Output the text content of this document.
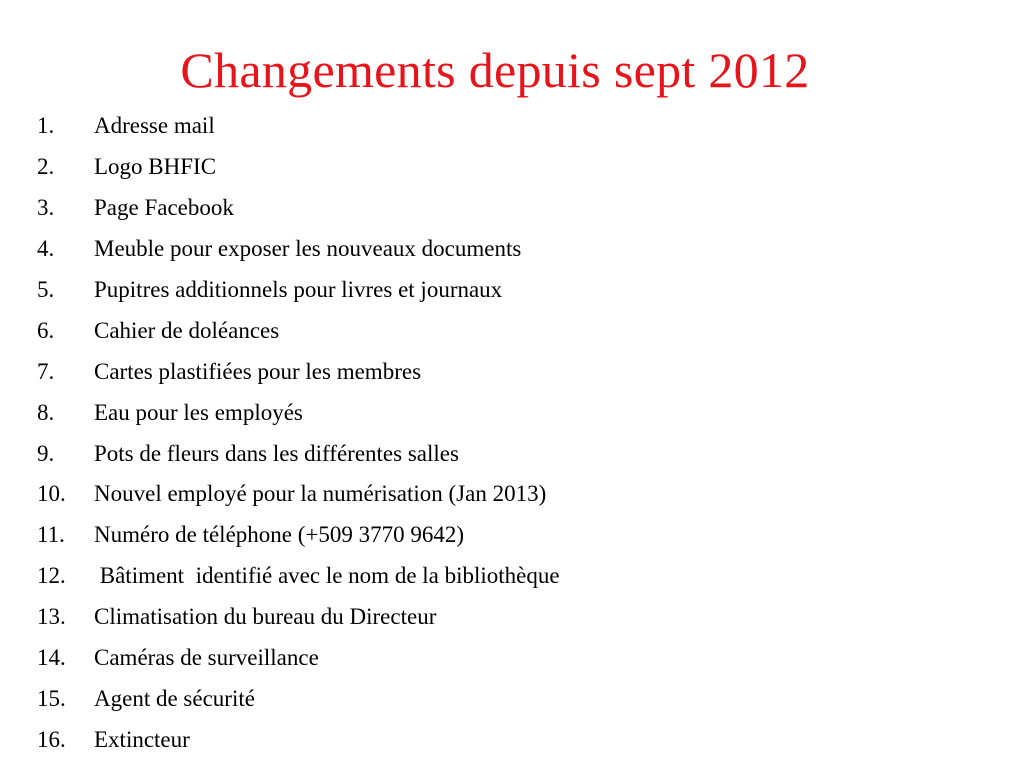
Changements depuis sept 2012
1.	Adresse mail
2.	Logo BHFIC
3.	Page Facebook
4.	Meuble pour exposer les nouveaux documents
5.	Pupitres additionnels pour livres et journaux
6.	Cahier de doléances
7.	Cartes plastifiées pour les membres
8.	Eau pour les employés
9.	Pots de fleurs dans les différentes salles
10.	Nouvel employé pour la numérisation (Jan 2013)
11.	Numéro de téléphone (+509 3770 9642)
12.	Bâtiment  identifié avec le nom de la bibliothèque
13.	Climatisation du bureau du Directeur
14.	Caméras de surveillance
15.	Agent de sécurité
16.	Extincteur
